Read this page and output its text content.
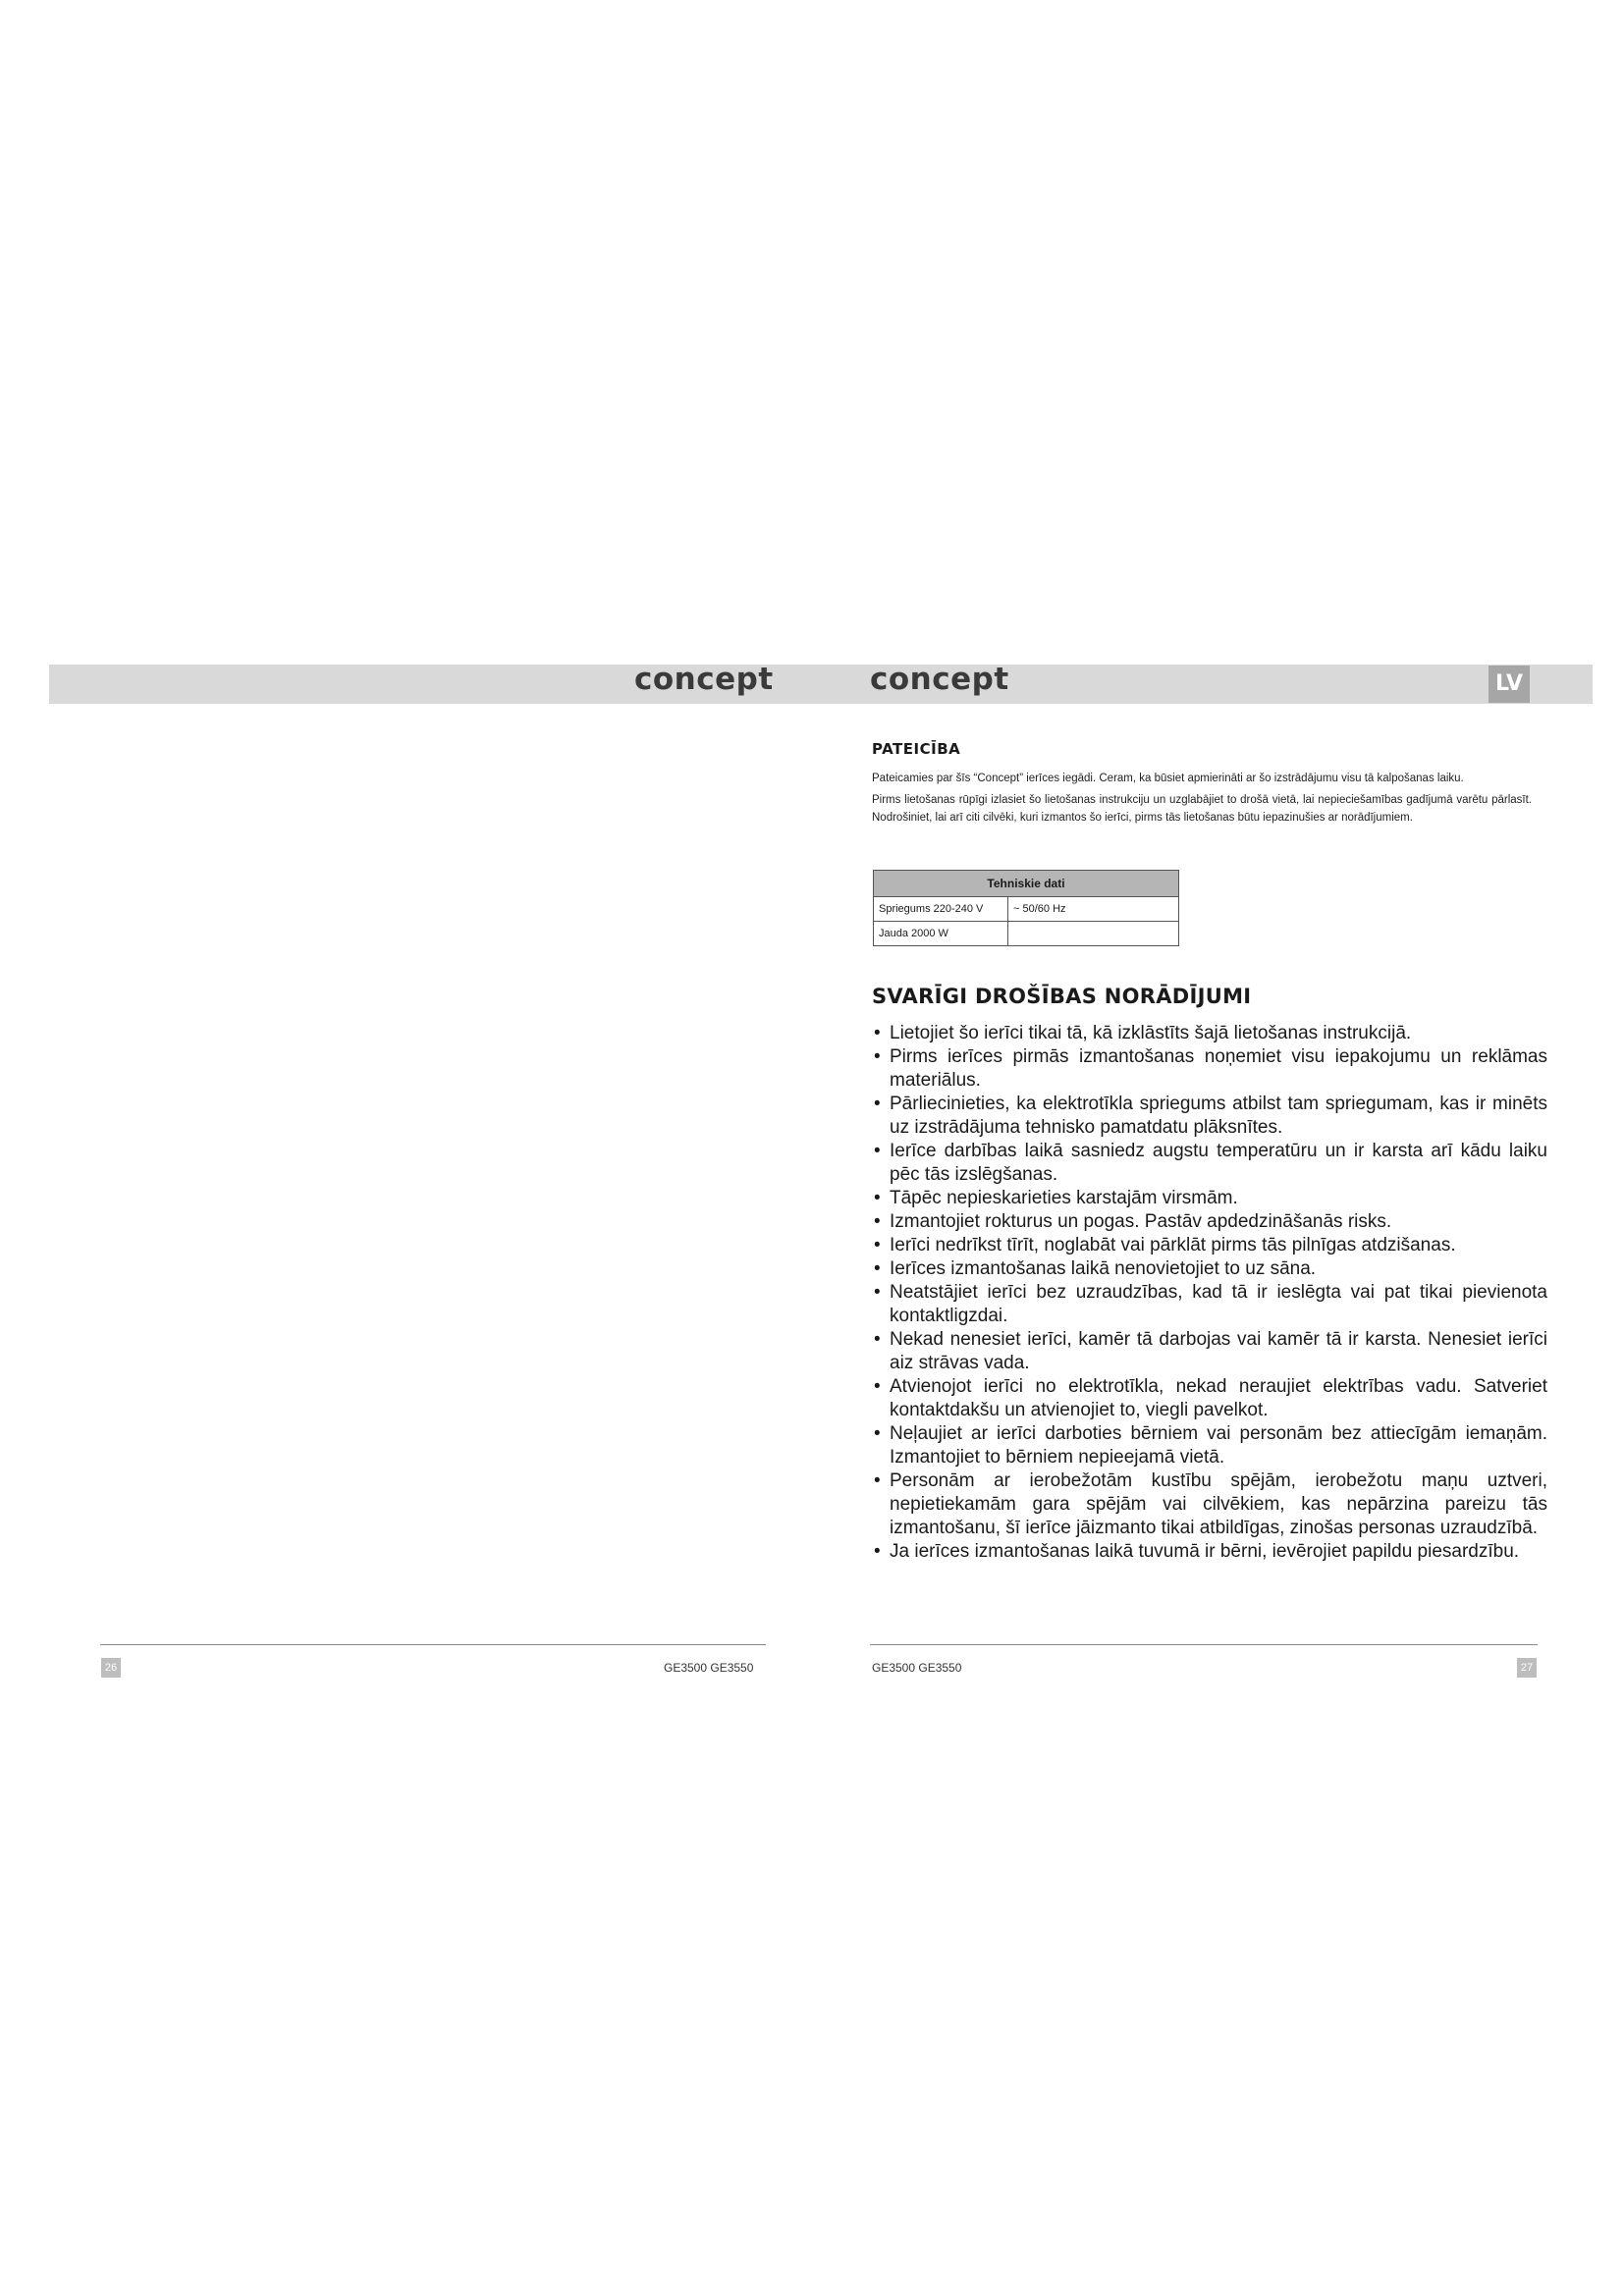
concept	concept	LV
PATEICĪBA

Pateicamies par šīs “Concept” ierīces iegādi. Ceram, ka būsiet apmierināti ar šo izstrādājumu visu tā kalpošanas laiku.

Pirms lietošanas rūpīgi izlasiet šo lietošanas instrukciju un uzglabājiet to drošā vietā, lai nepieciešamības gadījumā varētu pārlasīt. Nodrošiniet, lai arī citi cilvēki, kuri izmantos šo ierīci, pirms tās lietošanas būtu iepazinušies ar norādījumiem.

Tehniskie dati	
Spriegums 220-240 V	~ 50/60 Hz
Jauda 2000 W	
SVARĪGI DROŠĪBAS NORĀDĪJUMI
• Lietojiet šo ierīci tikai tā, kā izklāstīts šajā lietošanas instrukcijā.
• Pirms ierīces pirmās izmantošanas noņemiet visu iepakojumu un reklāmas materiālus.
• Pārliecinieties, ka elektrotīkla spriegums atbilst tam spriegumam, kas ir minēts uz izstrādājuma tehnisko pamatdatu plāksnītes.
• Ierīce darbības laikā sasniedz augstu temperatūru un ir karsta arī kādu laiku pēc tās izslēgšanas.
• Tāpēc nepieskarieties karstajām virsmām.
• Izmantojiet rokturus un pogas. Pastāv apdedzināšanās risks.
• Ierīci nedrīkst tīrīt, noglabāt vai pārklāt pirms tās pilnīgas atdzišanas.
• Ierīces izmantošanas laikā nenovietojiet to uz sāna.
• Neatstājiet ierīci bez uzraudzības, kad tā ir ieslēgta vai pat tikai pievienota kontaktligzdai.
• Nekad nenesiet ierīci, kamēr tā darbojas vai kamēr tā ir karsta. Nenesiet ierīci aiz strāvas vada.
• Atvienojot ierīci no elektrotīkla, nekad neraujiet elektrības vadu. Satveriet kontaktdakšu un atvienojiet to, viegli pavelkot.
• Neļaujiet ar ierīci darboties bērniem vai personām bez attiecīgām iemaņām. Izmantojiet to bērniem nepieejamā vietā.
• Personām ar ierobežotām kustību spējām, ierobežotu maņu uztveri, nepietiekamām gara spējām vai cilvēkiem, kas nepārzina pareizu tās izmantošanu, šī ierīce jāizmanto tikai atbildīgas, zinošas personas uzraudzībā.
• Ja ierīces izmantošanas laikā tuvumā ir bērni, ievērojiet papildu piesardzību.
26	27
GE3500 GE3550	GE3500 GE3550
